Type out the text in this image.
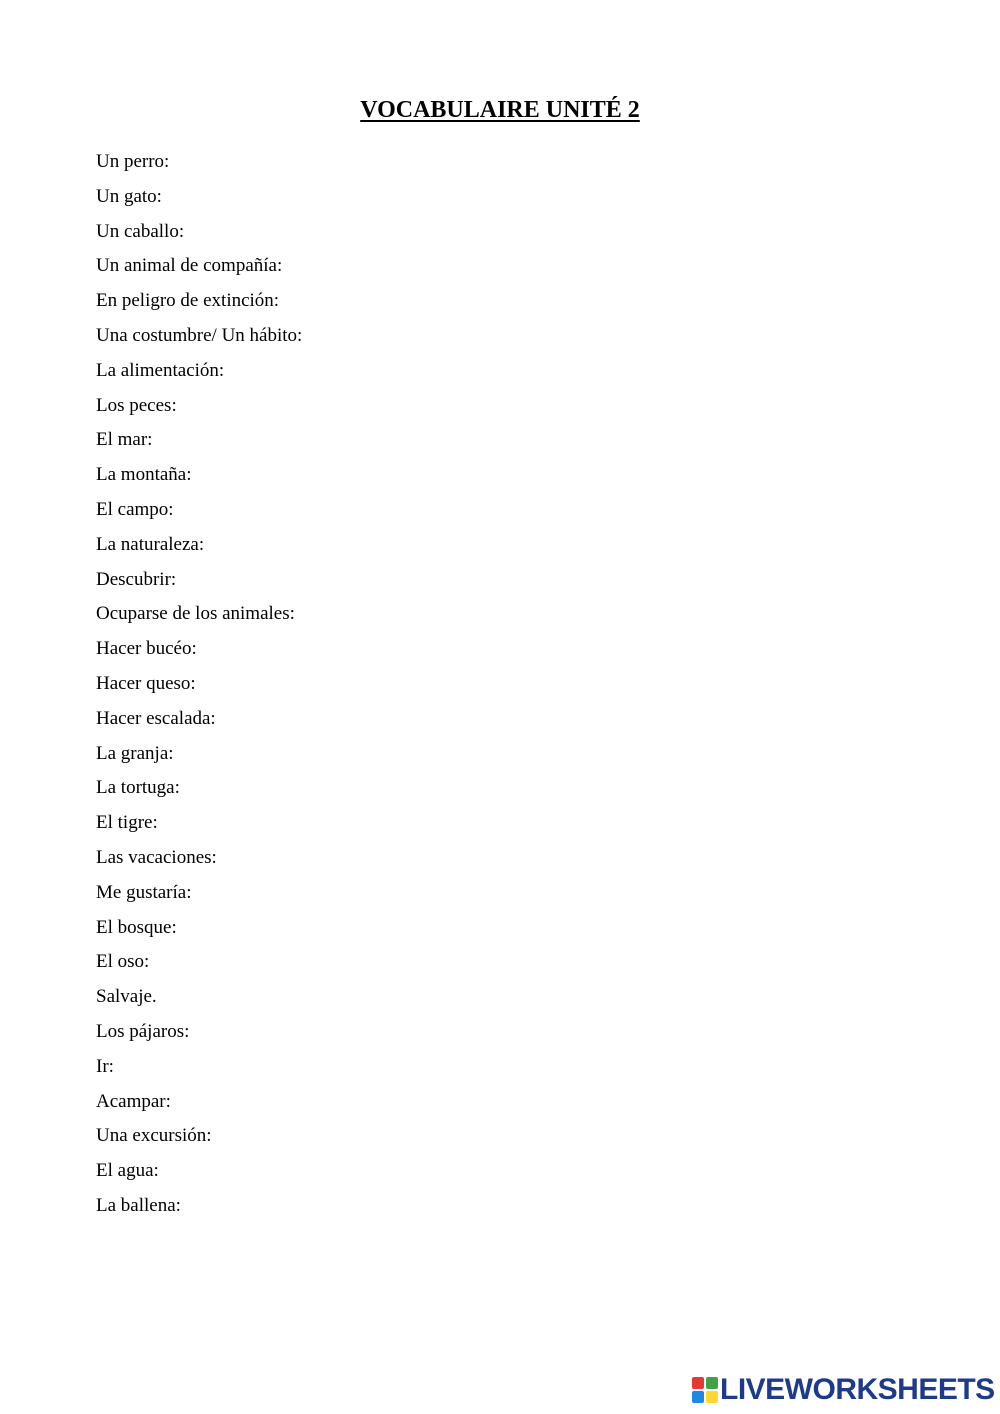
VOCABULAIRE UNITÉ 2
Un perro:
Un gato:
Un caballo:
Un animal de compañía:
En peligro de extinción:
Una costumbre/ Un hábito:
La alimentación:
Los peces:
El mar:
La montaña:
El campo:
La naturaleza:
Descubrir:
Ocuparse de los animales:
Hacer bucéo:
Hacer queso:
Hacer escalada:
La granja:
La tortuga:
El tigre:
Las vacaciones:
Me gustaría:
El bosque:
El oso:
Salvaje.
Los pájaros:
Ir:
Acampar:
Una excursión:
El agua:
La ballena:
LIVEWORKSHEETS
